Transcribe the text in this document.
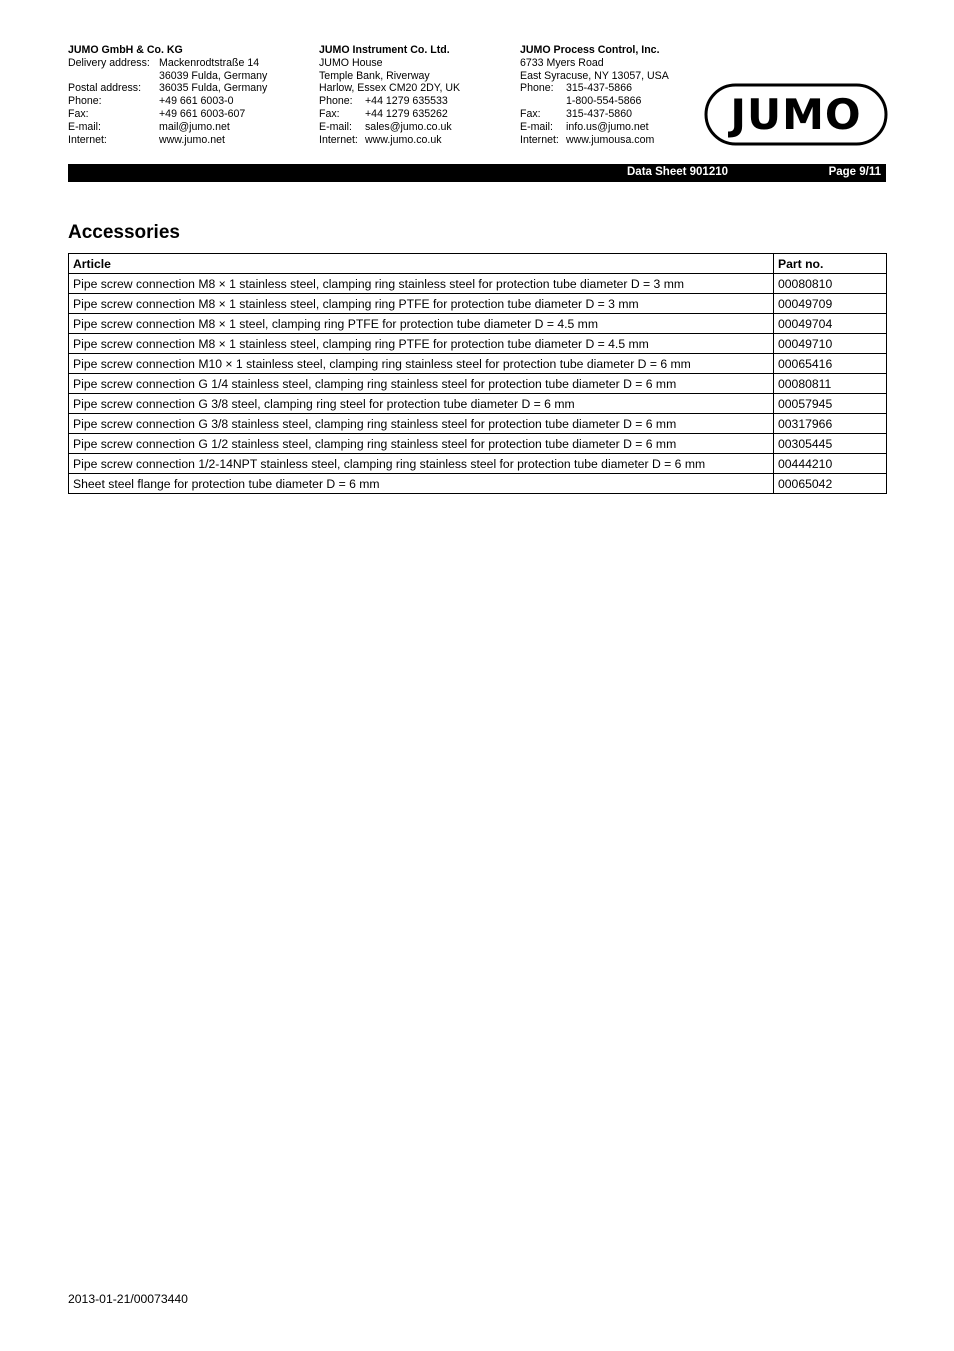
JUMO GmbH & Co. KG
Delivery address: Mackenrodtstraße 14
36039 Fulda, Germany
Postal address:	36035 Fulda, Germany
Phone:	+49 661 6003-0
Fax:	+49 661 6003-607
E-mail:	mail@jumo.net
Internet:	www.jumo.net
JUMO Instrument Co. Ltd.
JUMO House
Temple Bank, Riverway
Harlow, Essex CM20 2DY, UK
Phone:	+44 1279 635533
Fax:	+44 1279 635262
E-mail:	sales@jumo.co.uk
Internet: www.jumo.co.uk
JUMO Process Control, Inc.
6733 Myers Road
East Syracuse, NY 13057, USA
Phone:	315-437-5866
1-800-554-5866
Fax:	315-437-5860
E-mail:	info.us@jumo.net
Internet: www.jumousa.com
JUMO
Data Sheet 901210	Page 9/11
Accessories
Article	Part no.
Pipe screw connection M8 × 1 stainless steel, clamping ring stainless steel for protection tube diameter D = 3 mm	00080810
Pipe screw connection M8 × 1 stainless steel, clamping ring PTFE for protection tube diameter D = 3 mm	00049709
Pipe screw connection M8 × 1 steel, clamping ring PTFE for protection tube diameter D = 4.5 mm	00049704
Pipe screw connection M8 × 1 stainless steel, clamping ring PTFE for protection tube diameter D = 4.5 mm	00049710
Pipe screw connection M10 × 1 stainless steel, clamping ring stainless steel for protection tube diameter D = 6 mm	00065416
Pipe screw connection G 1/4 stainless steel, clamping ring stainless steel for protection tube diameter D = 6 mm	00080811
Pipe screw connection G 3/8 steel, clamping ring steel for protection tube diameter D = 6 mm	00057945
Pipe screw connection G 3/8 stainless steel, clamping ring stainless steel for protection tube diameter D = 6 mm	00317966
Pipe screw connection G 1/2 stainless steel, clamping ring stainless steel for protection tube diameter D = 6 mm	00305445
Pipe screw connection 1/2-14NPT stainless steel, clamping ring stainless steel for protection tube diameter D = 6 mm	00444210
Sheet steel flange for protection tube diameter D = 6 mm	00065042
2013-01-21/00073440
